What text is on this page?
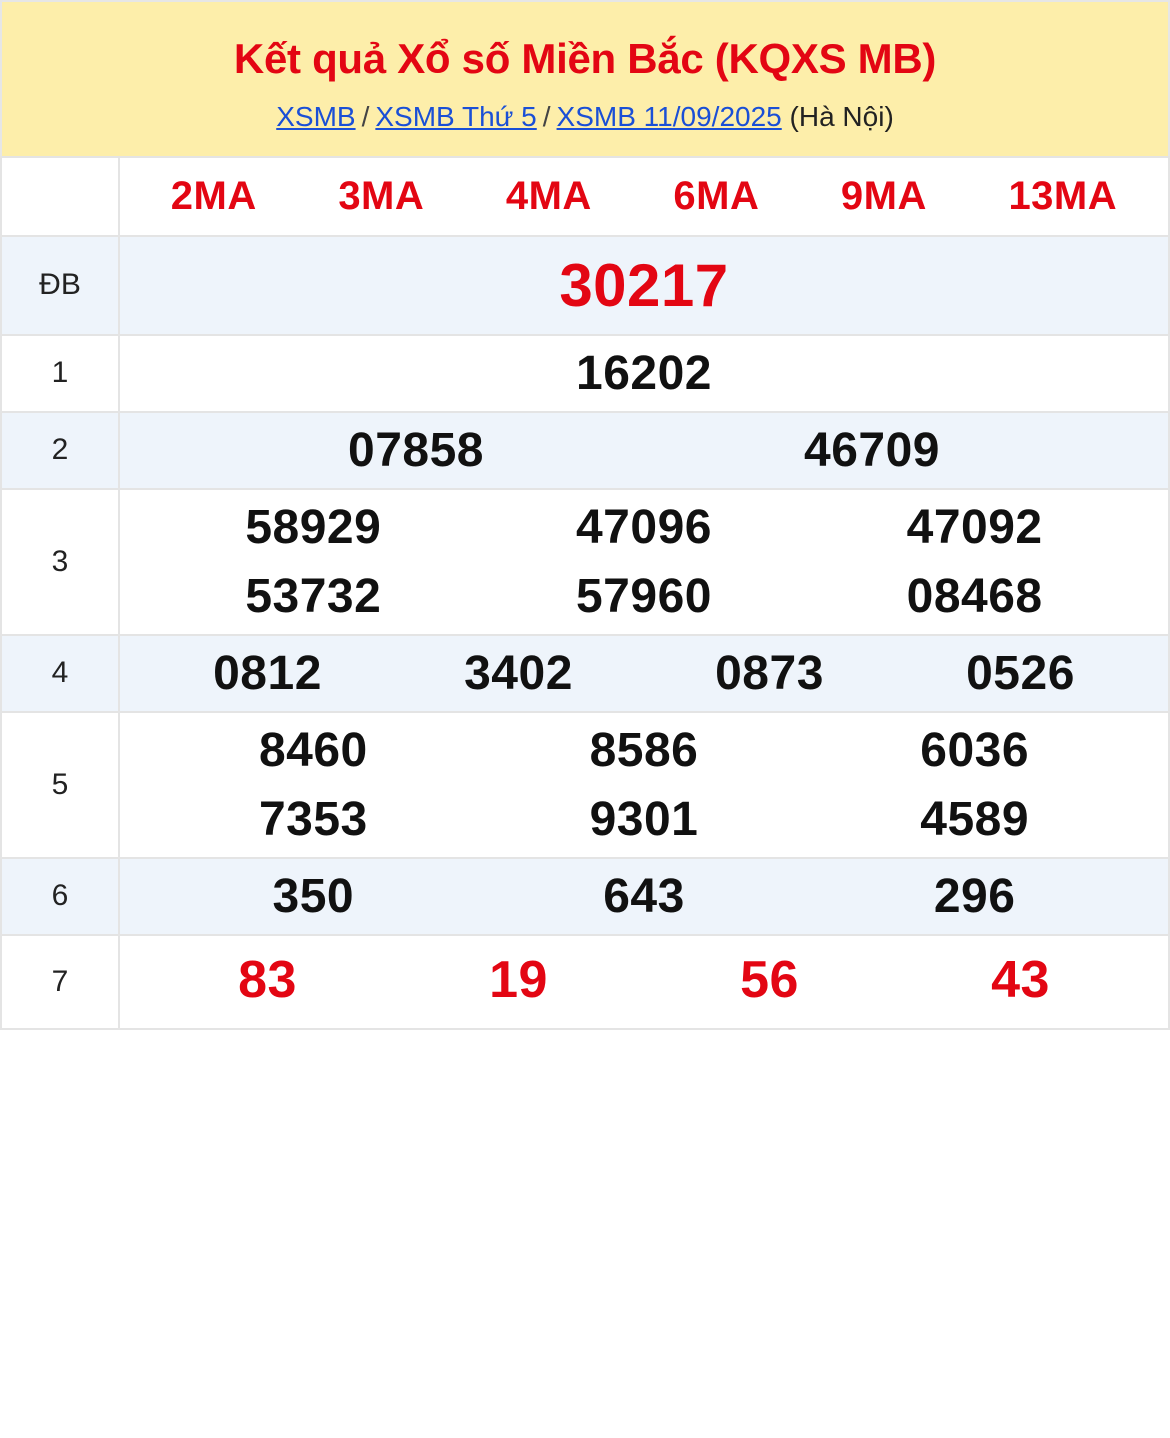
Kết quả Xổ số Miền Bắc (KQXS MB)
XSMB / XSMB Thứ 5 / XSMB 11/09/2025 (Hà Nội)

2MA 3MA 4MA 6MA 9MA 13MA

ĐB	30217

1	16202

2	07858 46709

3	
58929	47096	47092
53732	57960	08468

4	0812 3402 0873 0526

5	
8460	8586	6036
7353	9301	4589

6	350 643 296

7	83 19 56 43
